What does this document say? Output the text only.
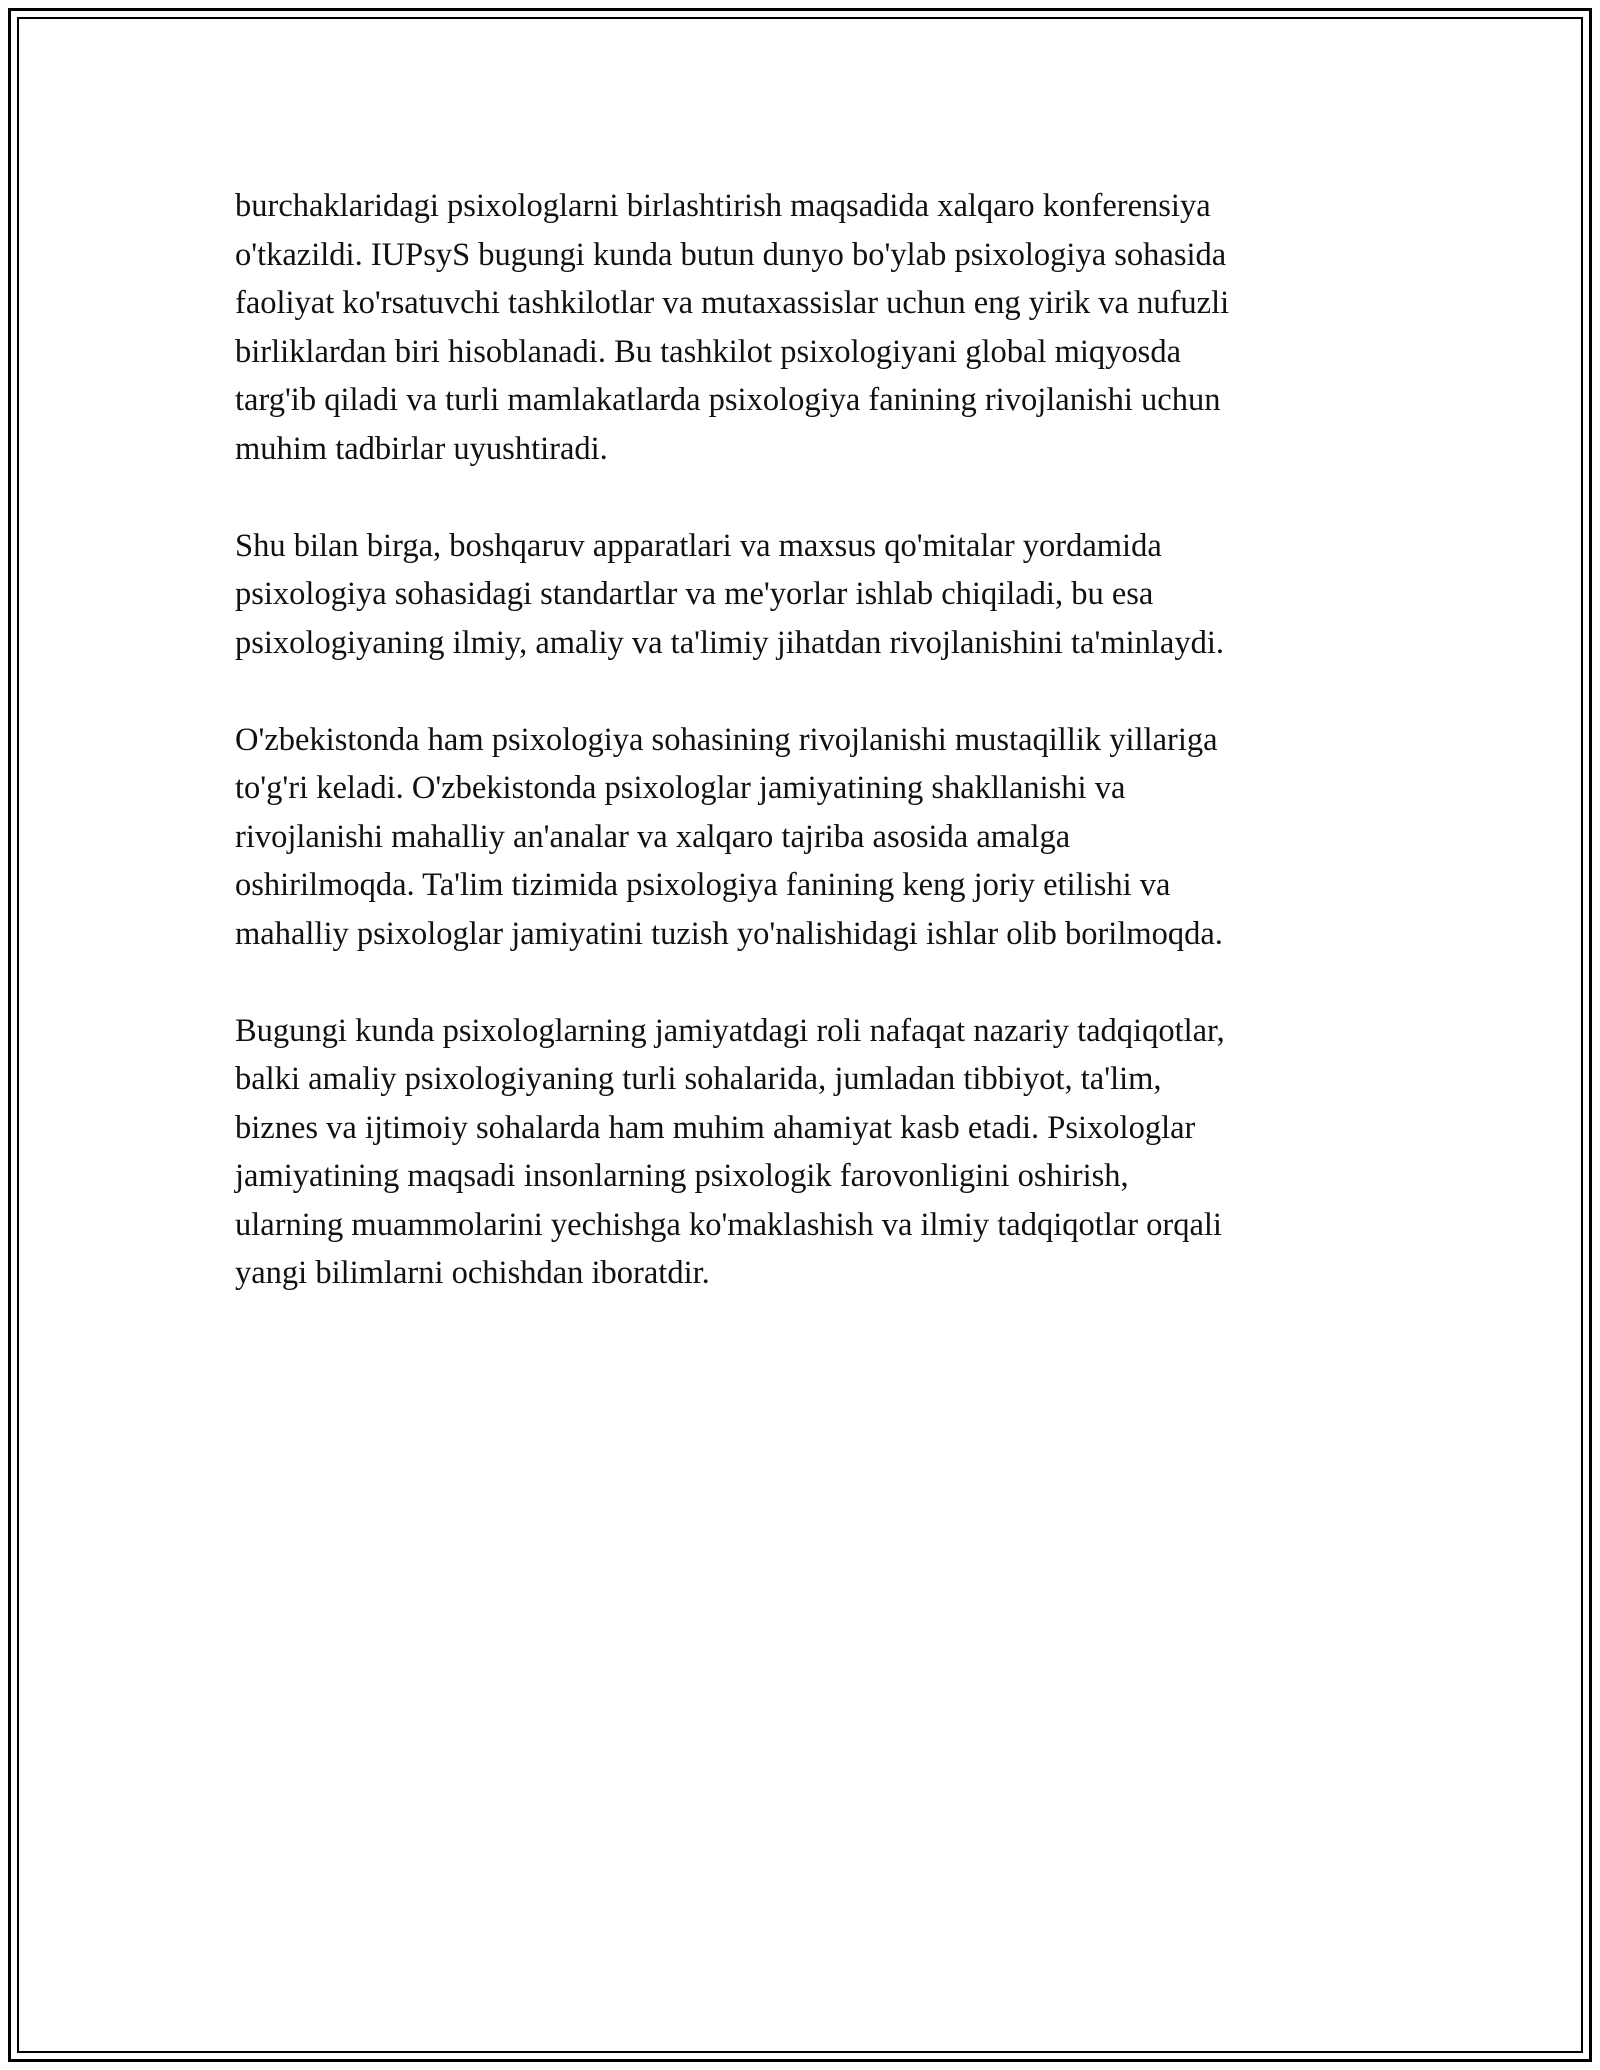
burchaklaridagi psixologlarni birlashtirish maqsadida xalqaro konferensiya
o'tkazildi. IUPsyS bugungi kunda butun dunyo bo'ylab psixologiya sohasida
faoliyat ko'rsatuvchi tashkilotlar va mutaxassislar uchun eng yirik va nufuzli
birliklardan biri hisoblanadi. Bu tashkilot psixologiyani global miqyosda
targ'ib qiladi va turli mamlakatlarda psixologiya fanining rivojlanishi uchun
muhim tadbirlar uyushtiradi.

Shu bilan birga, boshqaruv apparatlari va maxsus qo'mitalar yordamida
psixologiya sohasidagi standartlar va me'yorlar ishlab chiqiladi, bu esa
psixologiyaning ilmiy, amaliy va ta'limiy jihatdan rivojlanishini ta'minlaydi.

O'zbekistonda ham psixologiya sohasining rivojlanishi mustaqillik yillariga
to'g'ri keladi. O'zbekistonda psixologlar jamiyatining shakllanishi va
rivojlanishi mahalliy an'analar va xalqaro tajriba asosida amalga
oshirilmoqda. Ta'lim tizimida psixologiya fanining keng joriy etilishi va
mahalliy psixologlar jamiyatini tuzish yo'nalishidagi ishlar olib borilmoqda.

Bugungi kunda psixologlarning jamiyatdagi roli nafaqat nazariy tadqiqotlar,
balki amaliy psixologiyaning turli sohalarida, jumladan tibbiyot, ta'lim,
biznes va ijtimoiy sohalarda ham muhim ahamiyat kasb etadi. Psixologlar
jamiyatining maqsadi insonlarning psixologik farovonligini oshirish,
ularning muammolarini yechishga ko'maklashish va ilmiy tadqiqotlar orqali
yangi bilimlarni ochishdan iboratdir.
